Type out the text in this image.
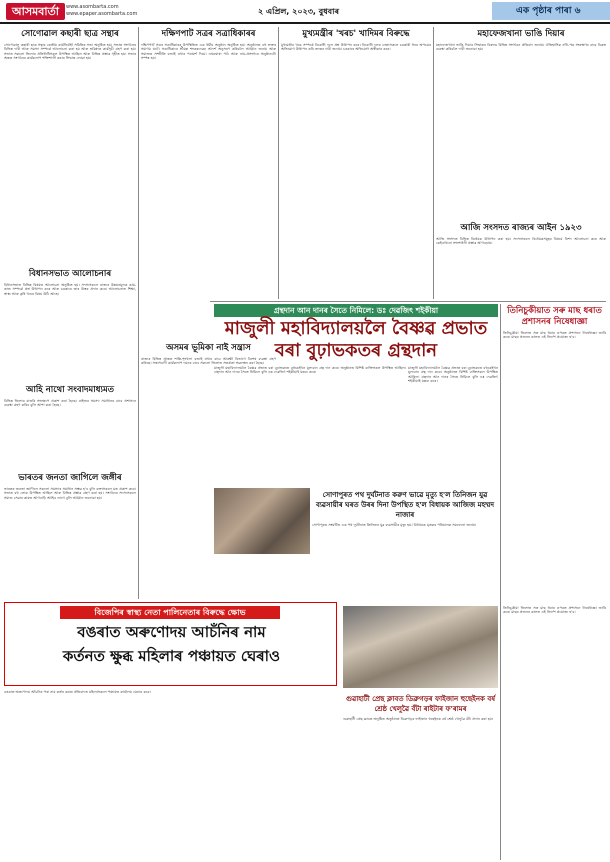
আসমবাৰ্তা	www.asombarta.com
www.epaper.asombarta.com	২ এপ্ৰিল, ২০২৩, বুধবাৰ	এক পৃষ্ঠাৰ পাৰা ৬
সোণোৱাল কছাৰী ছাত্ৰ সন্থাৰ
সোণোৱাল কছাৰী ছাত্ৰ সন্থাৰ কেন্দ্ৰীয় কাৰ্যনিৰ্বাহী সমিতিৰ সভা অনুষ্ঠিত হয়। সভাত সংগঠনৰ বিভিন্ন দাবী আৰু সমস্যা সম্পৰ্কে আলোচনা কৰা হয় আৰু ভৱিষ্যত কাৰ্যসূচী গ্ৰহণ কৰা হয়। সভাত সকলো জিলাৰ প্ৰতিনিধিসকল উপস্থিত আছিল আৰু বিভিন্ন প্ৰস্তাৱ গৃহীত হয়। সভাৰ অন্তত সংগঠনৰ কাৰ্যকলাপ শক্তিশালী কৰাৰ সিদ্ধান্ত লোৱা হয়।
বিধানসভাত আলোচনাৰ
বিধানসভাত বিভিন্ন বিষয়ত আলোচনা অনুষ্ঠিত হয়। সদস্যসকলে ৰাজ্যৰ উন্নয়নমূলক কাম-কাজ সম্পৰ্কে প্ৰশ্ন উত্থাপন কৰে আৰু চৰকাৰে তাৰ উত্তৰ প্ৰদান কৰে। আলোচনাত শিক্ষা, স্বাস্থ্য আৰু কৃষি খণ্ডৰ বিষয় উঠি আহে।
আহি নাথো সংবাদমাধ্যমত
বিভিন্ন জিলাৰ বাতৰি সংক্ষেপে প্ৰকাশ কৰা হৈছে। ৰাইজৰ সমস্যা সমাধানৰ বাবে প্ৰশাসনে ব্যৱস্থা গ্ৰহণ কৰিব বুলি আশা কৰা হৈছে।
ভাৰতৰ জনতা জাগিলে জঙ্গীৰ
ভাৰতৰ জনতা জাগিলে সকলো সমস্যাৰ সমাধান সম্ভৱ হ'ব বুলি বক্তাসকলে মত প্ৰকাশ কৰে। সভাত বহু লোক উপস্থিত আছিল আৰু বিভিন্ন প্ৰস্তাৱ গ্ৰহণ কৰা হয়। সংগঠনৰ সদস্যসকলে সমাজ সেৱাৰ কামত আগবাঢ়ি আহিব লাগে বুলি আহ্বান জনোৱা হয়।
দক্ষিণপাট সত্ৰৰ সত্ৰাধিকাৰৰ
দক্ষিণপাট সত্ৰৰ সত্ৰাধিকাৰৰ উপস্থিতিত এক ধৰ্মীয় অনুষ্ঠান অনুষ্ঠিত হয়। অনুষ্ঠানত বহু ভক্তৰ সমাগম ঘটে। সত্ৰাধিকাৰে শ্ৰীমন্ত শংকৰদেৱৰ আদৰ্শ অনুসৰণ কৰিবলৈ আহ্বান জনায় আৰু সমাজত সম্প্ৰীতি বজাই ৰখাৰ পৰামৰ্শ দিয়ে। নামঘোষা পাঠ আৰু নাম-প্ৰসংগৰে অনুষ্ঠানটো সম্পন্ন হয়।
অসমৰ ভূমিকা নাই সন্ত্ৰাস
ৰাজ্যৰ বিভিন্ন প্ৰান্তত শান্তি-শৃংখলা বজাই ৰখাৰ বাবে আৰক্ষী বিভাগে বিশেষ ব্যৱস্থা গ্ৰহণ কৰিছে। সন্ত্ৰাসবাদী কাৰ্যকলাপ দমনৰ বাবে সকলো জিলাত সতৰ্কতা অৱলম্বন কৰা হৈছে।
মুখ্যমন্ত্ৰীৰ 'খৰচ' খাদিমৰ বিৰুদ্ধে
মুখ্যমন্ত্ৰীৰ খৰচ সম্পৰ্কে বিৰোধী দলে প্ৰশ্ন উত্থাপন কৰে। বিৰোধী দলৰ নেতাসকলে চৰকাৰী ধনৰ অপচয়ৰ অভিযোগ উত্থাপন কৰি তদন্তৰ দাবী জনায়। চৰকাৰে অভিযোগ অস্বীকাৰ কৰে।
মহাফেজখানা ভাঙি দিয়াৰ
মহাফেজখানা ভাঙি দিয়াৰ সিদ্ধান্তৰ বিৰুদ্ধে বিভিন্ন সংগঠনে প্ৰতিবাদ জনায়। ঐতিহাসিক নথি-পত্ৰ সংৰক্ষণৰ বাবে বিকল্প ব্যৱস্থা কৰিবলৈ দাবী জনোৱা হয়।
আজি সংসদত ৰাজ্যৰ আইন ১৯২৩
আজি সংসদত বিভিন্ন বিধেয়ক উত্থাপন কৰা হয়। সদস্যসকলে বিধেয়কসমূহৰ বিষয়ে বিশদ আলোচনা কৰে আৰু কেইবাখনো সংশোধনী প্ৰস্তাৱ আগবঢ়ায়।
গ্ৰন্থদান আন দানৰ সৈতে নিমিলে: ডঃ দেৱজিৎ শইকীয়া
মাজুলী মহাবিদ্যালয়লৈ বৈষ্ণৱ প্ৰভাত বৰা বুঢ়াভকতৰ গ্ৰন্থদান
মাজুলী মহাবিদ্যালয়লৈ বৈষ্ণৱ প্ৰভাত বৰা বুঢ়াভকতে বহুকেইখন মূল্যবান গ্ৰন্থ দান কৰে। অনুষ্ঠানত বিশিষ্ট ব্যক্তিসকল উপস্থিত আছিল। গ্ৰন্থদান আন দানৰ সৈতে নিমিলে বুলি ডঃ দেৱজিৎ শইকীয়াই মন্তব্য কৰে।
মাজুলী মহাবিদ্যালয়লৈ বৈষ্ণৱ প্ৰভাত বৰা বুঢ়াভকতে বহুকেইখন মূল্যবান গ্ৰন্থ দান কৰে। অনুষ্ঠানত বিশিষ্ট ব্যক্তিসকল উপস্থিত আছিল। গ্ৰন্থদান আন দানৰ সৈতে নিমিলে বুলি ডঃ দেৱজিৎ শইকীয়াই মন্তব্য কৰে।
তিনিচুকীয়াত সৰু মাছ ধৰাত প্ৰশাসনৰ নিষেধাজ্ঞা
তিনিচুকীয়া জিলাত সৰু মাছ ধৰাৰ ওপৰত প্ৰশাসনে নিষেধাজ্ঞা জাৰি কৰে। মাছৰ প্ৰজনন কালত এই নিৰ্দেশ প্ৰযোজ্য হ'ব।
সোণাপুৰত পথ দুৰ্ঘটনাত করুণ ভাৱে মৃত্যু হ'ল তিনিজন যুৱ ব্যৱসায়ীৰ ঘৰত উৰৰ দিনা উপস্থিত হ'ল বিধায়ক আজিজ মহম্মদ নাজাৰ
সোণাপুৰত সংঘটিত এক পথ দুৰ্ঘটনাত তিনিজন যুৱ ব্যৱসায়ীৰ মৃত্যু হয়। বিধায়কে মৃতকৰ পৰিয়ালক সমবেদনা জনায়।
গুৱাহাটী প্ৰেছ ক্লাবত ডিব্ৰুগড়ৰ ফাইজান হুছেইনক বৰ্ষ শ্ৰেষ্ঠ খেলুৱৈ বঁটা ৰাইটাৰ ফ'ৰামৰ
গুৱাহাটী প্ৰেছ ক্লাবত অনুষ্ঠিত অনুষ্ঠানত ডিব্ৰুগড়ৰ ফাইজান হুছেইনক বৰ্ষ শ্ৰেষ্ঠ খেলুৱৈ বঁটা প্ৰদান কৰা হয়।
তিনিচুকীয়া জিলাত সৰু মাছ ধৰাৰ ওপৰত প্ৰশাসনে নিষেধাজ্ঞা জাৰি কৰে। মাছৰ প্ৰজনন কালত এই নিৰ্দেশ প্ৰযোজ্য হ'ব।
বিজেপিৰ স্বাস্থ্য নেতা পালিনেতাৰ বিৰুদ্ধে ক্ষোভ
বঙৰাত অৰুণোদয় আচঁনিৰ নাম
কৰ্তনত ক্ষুব্ধ মহিলাৰ পঞ্চায়ত ঘেৰাও
বঙৰাত অৰুণোদয় আঁচনিৰ পৰা নাম কৰ্তন কৰাৰ প্ৰতিবাদত মহিলাসকলে পঞ্চায়ত কাৰ্যালয় ঘেৰাও কৰে।
